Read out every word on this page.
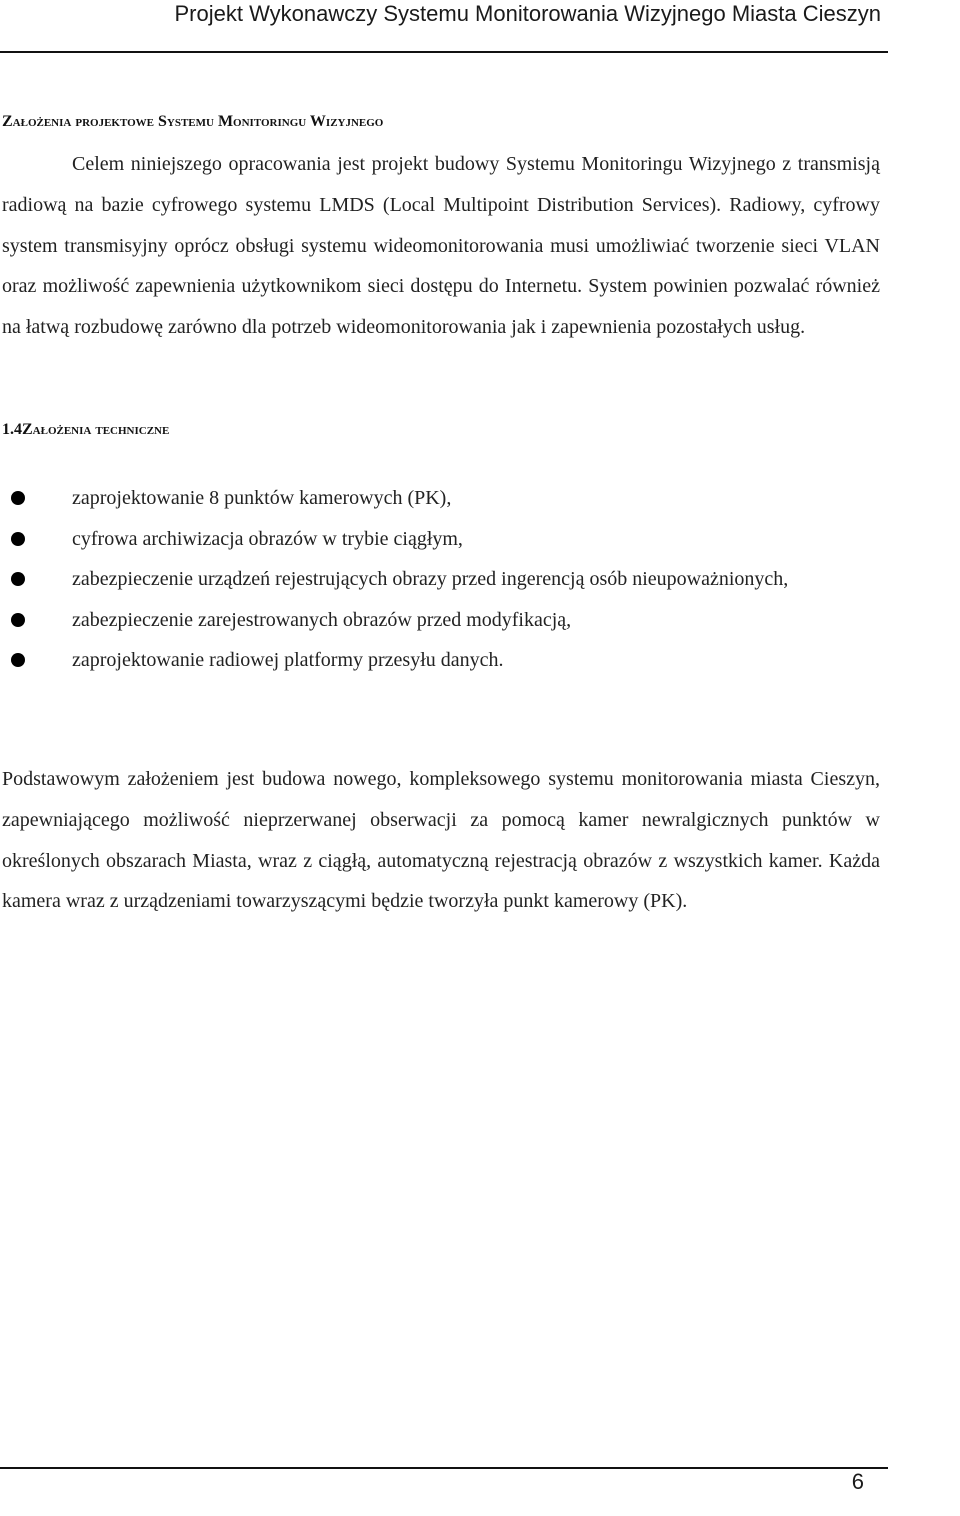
Projekt Wykonawczy Systemu Monitorowania Wizyjnego Miasta Cieszyn
Założenia projektowe Systemu Monitoringu Wizyjnego
Celem niniejszego opracowania jest projekt budowy Systemu Monitoringu Wizyjnego z transmisją radiową na bazie cyfrowego systemu LMDS (Local Multipoint Distribution Services). Radiowy, cyfrowy system transmisyjny oprócz obsługi systemu wideomonitorowania musi umożliwiać tworzenie sieci VLAN oraz możliwość zapewnienia użytkownikom sieci dostępu do Internetu. System powinien pozwalać również na łatwą rozbudowę zarówno dla potrzeb wideomonitorowania jak i zapewnienia pozostałych usług.
1.4Założenia techniczne
zaprojektowanie 8 punktów kamerowych (PK),
cyfrowa archiwizacja obrazów w trybie ciągłym,
zabezpieczenie urządzeń rejestrujących obrazy przed ingerencją osób nieupoważnionych,
zabezpieczenie zarejestrowanych obrazów przed modyfikacją,
zaprojektowanie radiowej platformy przesyłu danych.
Podstawowym założeniem jest budowa nowego, kompleksowego systemu monitorowania miasta Cieszyn, zapewniającego możliwość nieprzerwanej obserwacji za pomocą kamer newralgicznych punktów w określonych obszarach Miasta, wraz z ciągłą, automatyczną rejestracją obrazów z wszystkich kamer. Każda kamera wraz z urządzeniami towarzyszącymi będzie tworzyła punkt kamerowy (PK).
6
